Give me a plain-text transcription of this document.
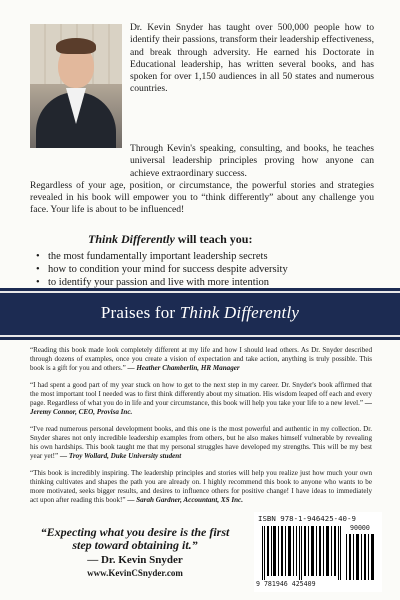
Dr. Kevin Snyder has taught over 500,000 people how to identify their passions, transform their leadership effectiveness, and break through adversity. He earned his Doctorate in Educational leadership, has written several books, and has spoken for over 1,150 audiences in all 50 states and numerous countries.

Through Kevin's speaking, consulting, and books, he teaches universal leadership principles proving how anyone can achieve extraordinary success.
Regardless of your age, position, or circumstance, the powerful stories and strategies revealed in his book will empower you to “think differently” about any challenge you face. Your life is about to be influenced!

Think Differently will teach you:

• the most fundamentally important leadership secrets
• how to condition your mind for success despite adversity
• to identify your passion and live with more intention
•
Praises for Think Differently

“Reading this book made look completely different at my life and how I should lead others. As Dr. Snyder described through dozens of examples, once you create a vision of expectation and take action, anything is truly possible. This book is a gift for you and others.” — Heather Chamberlin, HR Manager

“I had spent a good part of my year stuck on how to get to the next step in my career. Dr. Snyder's book affirmed that the most important tool I needed was to first think differently about my situation. His wisdom leaped off each and every page. Regardless of what you do in life and your circumstance, this book will help you take your life to a new level.” — Jeremy Connor, CEO, Provisa Inc.

“I've read numerous personal development books, and this one is the most powerful and authentic in my collection. Dr. Snyder shares not only incredible leadership examples from others, but he also makes himself vulnerable by revealing his own hardships. This book taught me that my personal struggles have developed my strengths. This will be my best year yet!” — Troy Wollard, Duke University student

“This book is incredibly inspiring. The leadership principles and stories will help you realize just how much your own thinking cultivates and shapes the path you are already on. I highly recommend this book to anyone who wants to be more motivated, seeks bigger results, and desires to influence others for positive change! I have ideas to immediately act upon after reading this book!” — Sarah Gardner, Accountant, XS Inc.

“Expecting what you desire is the first step toward obtaining it.”

— Dr. Kevin Snyder
www.KevinCSnyder.com
ISBN 978-1-946425-40-9
90000
9 781946 425409
